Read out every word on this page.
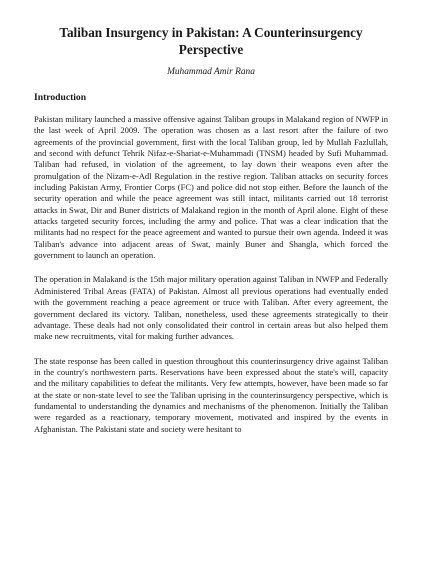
Taliban Insurgency in Pakistan: A Counterinsurgency Perspective
Muhammad Amir Rana
Introduction

Pakistan military launched a massive offensive against Taliban groups in Malakand region of NWFP in the last week of April 2009. The operation was chosen as a last resort after the failure of two agreements of the provincial government, first with the local Taliban group, led by Mullah Fazlullah, and second with defunct Tehrik Nifaz-e-Shariat-e-Muhammadi (TNSM) headed by Sufi Muhammad. Taliban had refused, in violation of the agreement, to lay down their weapons even after the promulgation of the Nizam-e-Adl Regulation in the restive region. Taliban attacks on security forces including Pakistan Army, Frontier Corps (FC) and police did not stop either. Before the launch of the security operation and while the peace agreement was still intact, militants carried out 18 terrorist attacks in Swat, Dir and Buner districts of Malakand region in the month of April alone. Eight of these attacks targeted security forces, including the army and police. That was a clear indication that the militants had no respect for the peace agreement and wanted to pursue their own agenda. Indeed it was Taliban's advance into adjacent areas of Swat, mainly Buner and Shangla, which forced the government to launch an operation.

The operation in Malakand is the 15th major military operation against Taliban in NWFP and Federally Administered Tribal Areas (FATA) of Pakistan. Almost all previous operations had eventually ended with the government reaching a peace agreement or truce with Taliban. After every agreement, the government declared its victory. Taliban, nonetheless, used these agreements strategically to their advantage. These deals had not only consolidated their control in certain areas but also helped them make new recruitments, vital for making further advances.

The state response has been called in question throughout this counterinsurgency drive against Taliban in the country's northwestern parts. Reservations have been expressed about the state's will, capacity and the military capabilities to defeat the militants. Very few attempts, however, have been made so far at the state or non-state level to see the Taliban uprising in the counterinsurgency perspective, which is fundamental to understanding the dynamics and mechanisms of the phenomenon. Initially the Taliban were regarded as a reactionary, temporary movement, motivated and inspired by the events in Afghanistan. The Pakistani state and society were hesitant to
